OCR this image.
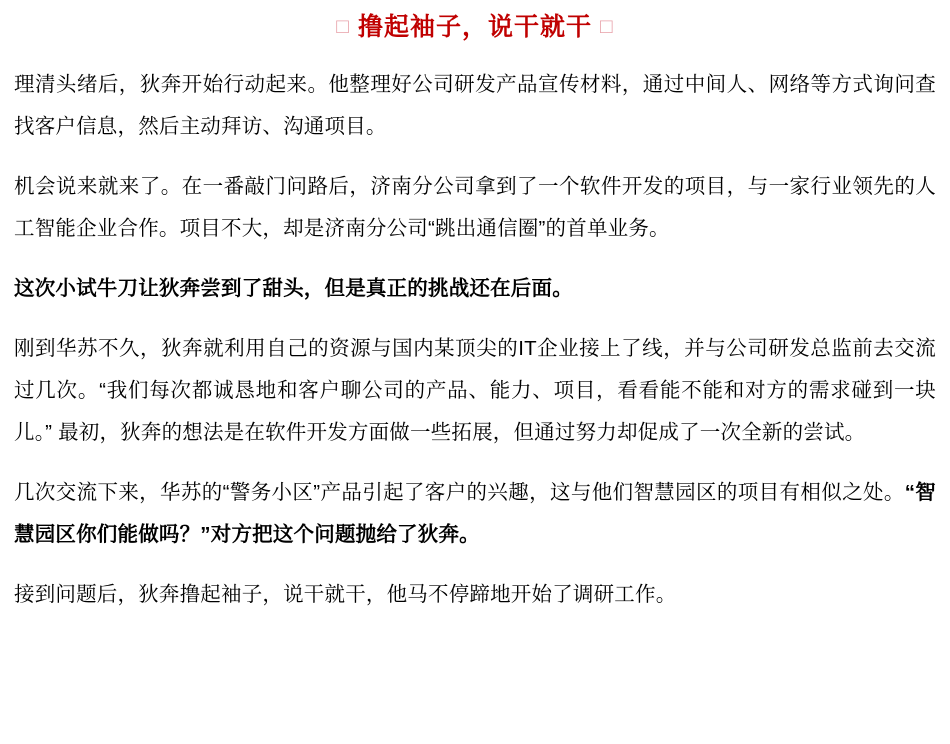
□ 撸起袖子，说干就干 □

理清头绪后，狄奔开始行动起来。他整理好公司研发产品宣传材料，通过中间人、网络等方式询问查找客户信息，然后主动拜访、沟通项目。

机会说来就来了。在一番敲门问路后，济南分公司拿到了一个软件开发的项目，与一家行业领先的人工智能企业合作。项目不大，却是济南分公司“跳出通信圈”的首单业务。

这次小试牛刀让狄奔尝到了甜头，但是真正的挑战还在后面。

刚到华苏不久，狄奔就利用自己的资源与国内某顶尖的IT企业接上了线，并与公司研发总监前去交流过几次。“我们每次都诚恳地和客户聊公司的产品、能力、项目，看看能不能和对方的需求碰到一块儿。” 最初，狄奔的想法是在软件开发方面做一些拓展，但通过努力却促成了一次全新的尝试。

几次交流下来，华苏的“警务小区”产品引起了客户的兴趣，这与他们智慧园区的项目有相似之处。“智慧园区你们能做吗？”对方把这个问题抛给了狄奔。

接到问题后，狄奔撸起袖子，说干就干，他马不停蹄地开始了调研工作。
